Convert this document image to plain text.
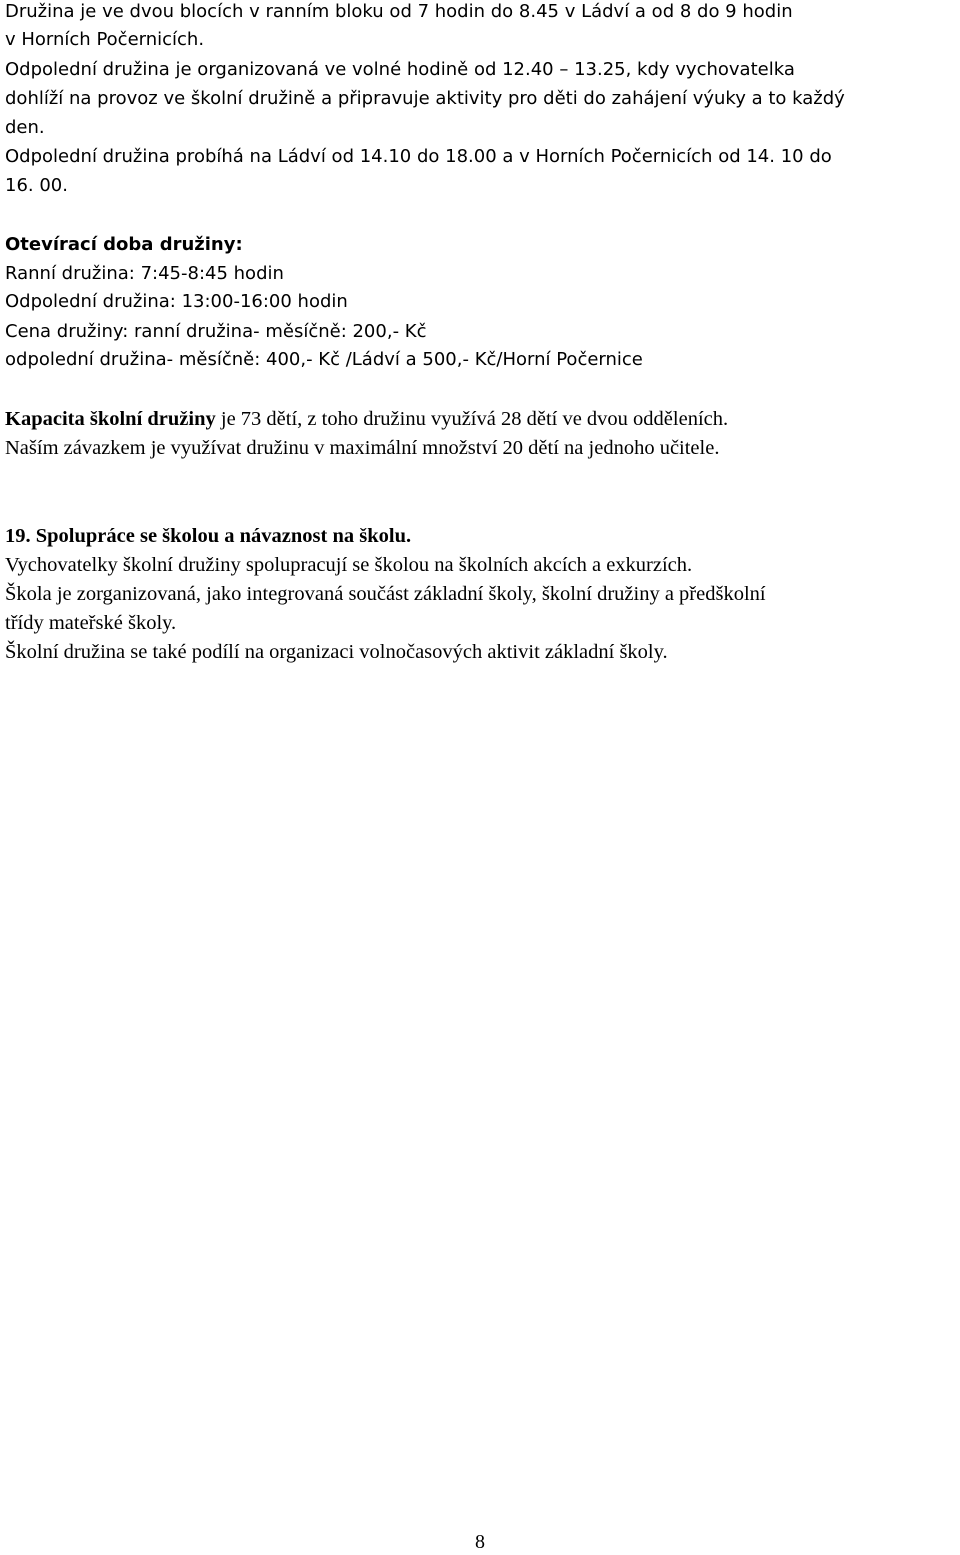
Družina je ve dvou blocích v ranním bloku od 7 hodin do 8.45 v Ládví a od 8 do 9 hodin
v Horních Počernicích.
Odpolední družina je organizovaná ve volné hodině od 12.40 – 13.25, kdy vychovatelka
dohlíží na provoz ve školní družině a připravuje aktivity pro děti do zahájení výuky a to každý
den.
Odpolední družina probíhá na Ládví od 14.10 do 18.00 a v Horních Počernicích od 14. 10 do
16. 00.
Otevírací doba družiny:
Ranní družina: 7:45-8:45 hodin
Odpolední družina: 13:00-16:00 hodin
Cena družiny: ranní družina- měsíčně: 200,- Kč
odpolední družina- měsíčně: 400,- Kč /Ládví a 500,- Kč/Horní Počernice
Kapacita školní družiny je 73 dětí, z toho družinu využívá 28 dětí ve dvou odděleních.
Naším závazkem je využívat družinu v maximální množství 20 dětí na jednoho učitele.
19. Spolupráce se školou a návaznost na školu.
Vychovatelky školní družiny spolupracují se školou na školních akcích a exkurzích.
Škola je zorganizovaná, jako integrovaná součást základní školy, školní družiny a předškolní
třídy mateřské školy.
Školní družina se také podílí na organizaci volnočasových aktivit základní školy.
8
